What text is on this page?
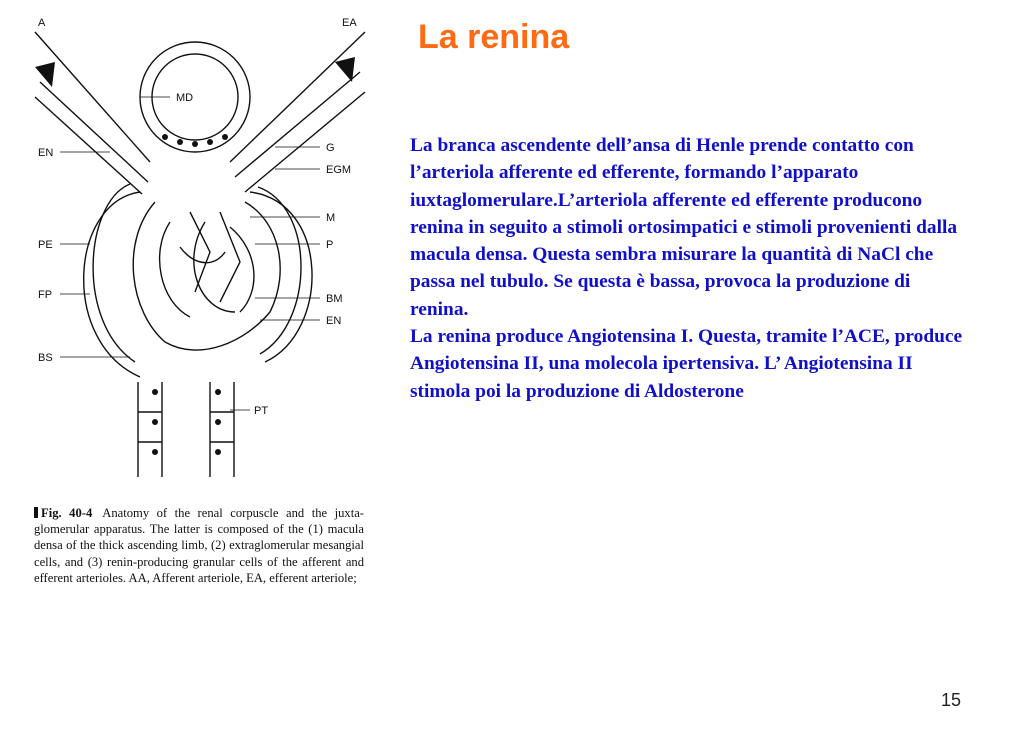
La renina
A	EA
MD
EN	G
EGM
M
PE	P
FP	BM
EN
BS
PT
Fig. 40-4 Anatomy of the renal corpuscle and the juxta-glomerular apparatus. The latter is composed of the (1) macula densa of the thick ascending limb, (2) extraglomerular mesangial cells, and (3) renin-producing granular cells of the afferent and efferent arterioles. AA, Afferent arteriole, EA, efferent arteriole;

La branca ascendente dell’ansa di Henle prende contatto con l’arteriola afferente ed efferente, formando l’apparato iuxtaglomerulare.L’arteriola afferente ed efferente producono renina in seguito a stimoli ortosimpatici e stimoli provenienti dalla macula densa. Questa sembra misurare la quantità di NaCl che passa nel tubulo. Se questa è bassa, provoca la produzione di renina.

La renina produce Angiotensina I. Questa, tramite l’ACE, produce Angiotensina II, una molecola ipertensiva. L’ Angiotensina II stimola poi la produzione di Aldosterone

15
